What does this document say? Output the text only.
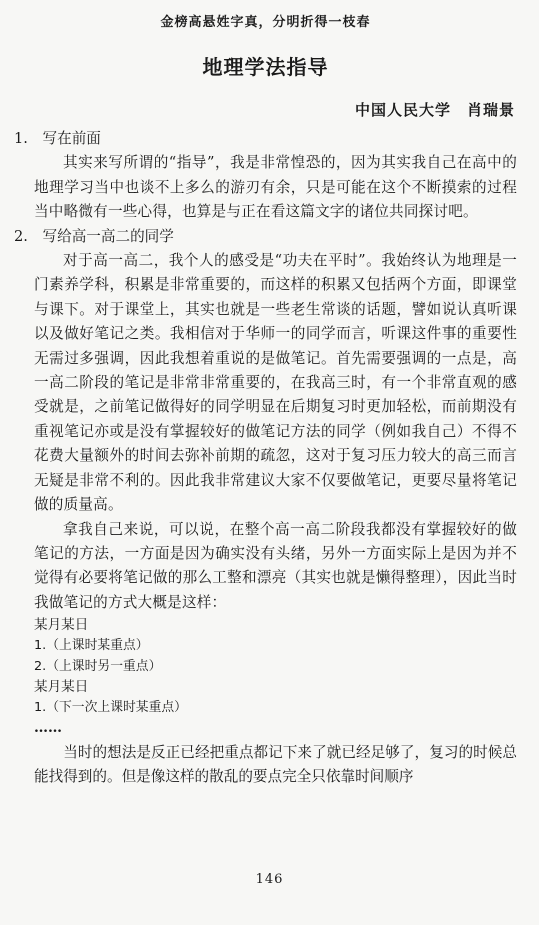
金榜高悬姓字真，分明折得一枝春
地理学法指导
中国人民大学　肖瑞景

1.　写在前面

其实来写所谓的“指导”，我是非常惶恐的，因为其实我自己在高中的地理学习当中也谈不上多么的游刃有余，只是可能在这个不断摸索的过程当中略微有一些心得，也算是与正在看这篇文字的诸位共同探讨吧。

2.　写给高一高二的同学

对于高一高二，我个人的感受是“功夫在平时”。我始终认为地理是一门素养学科，积累是非常重要的，而这样的积累又包括两个方面，即课堂与课下。对于课堂上，其实也就是一些老生常谈的话题，譬如说认真听课以及做好笔记之类。我相信对于华师一的同学而言，听课这件事的重要性无需过多强调，因此我想着重说的是做笔记。首先需要强调的一点是，高一高二阶段的笔记是非常非常重要的，在我高三时，有一个非常直观的感受就是，之前笔记做得好的同学明显在后期复习时更加轻松，而前期没有重视笔记亦或是没有掌握较好的做笔记方法的同学（例如我自己）不得不花费大量额外的时间去弥补前期的疏忽，这对于复习压力较大的高三而言无疑是非常不利的。因此我非常建议大家不仅要做笔记，更要尽量将笔记做的质量高。

拿我自己来说，可以说，在整个高一高二阶段我都没有掌握较好的做笔记的方法，一方面是因为确实没有头绪，另外一方面实际上是因为并不觉得有必要将笔记做的那么工整和漂亮（其实也就是懒得整理），因此当时我做笔记的方式大概是这样：

某月某日

1.（上课时某重点）

2.（上课时另一重点）

某月某日

1.（下一次上课时某重点）

……

当时的想法是反正已经把重点都记下来了就已经足够了，复习的时候总能找得到的。但是像这样的散乱的要点完全只依靠时间顺序

146
